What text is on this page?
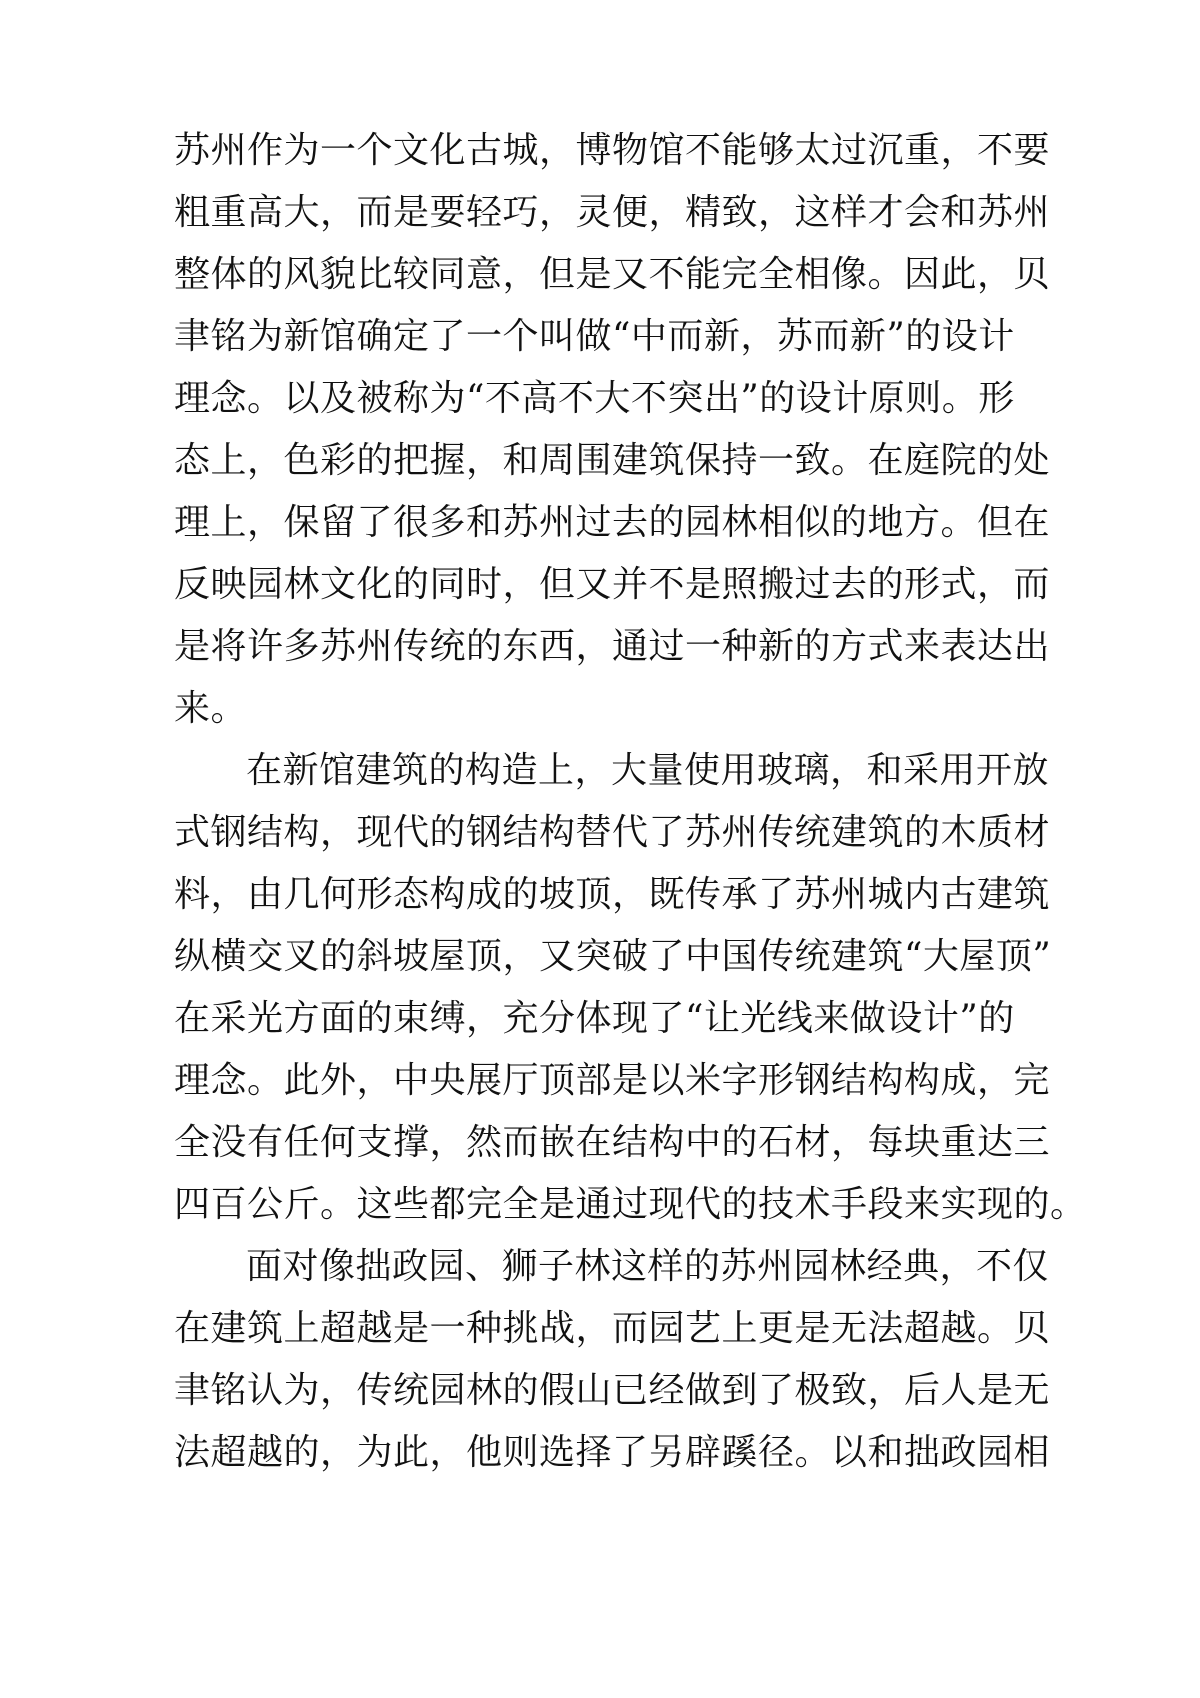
苏州作为一个文化古城，博物馆不能够太过沉重，不要
粗重高大，而是要轻巧，灵便，精致，这样才会和苏州
整体的风貌比较同意，但是又不能完全相像。因此，贝
聿铭为新馆确定了一个叫做“中而新，苏而新”的设计
理念。以及被称为“不高不大不突出”的设计原则。形
态上，色彩的把握，和周围建筑保持一致。在庭院的处
理上，保留了很多和苏州过去的园林相似的地方。但在
反映园林文化的同时，但又并不是照搬过去的形式，而
是将许多苏州传统的东西，通过一种新的方式来表达出
来。
在新馆建筑的构造上，大量使用玻璃，和采用开放
式钢结构，现代的钢结构替代了苏州传统建筑的木质材
料，由几何形态构成的坡顶，既传承了苏州城内古建筑
纵横交叉的斜坡屋顶，又突破了中国传统建筑“大屋顶”
在采光方面的束缚，充分体现了“让光线来做设计”的
理念。此外，中央展厅顶部是以米字形钢结构构成，完
全没有任何支撑，然而嵌在结构中的石材，每块重达三
四百公斤。这些都完全是通过现代的技术手段来实现的。
面对像拙政园、狮子林这样的苏州园林经典，不仅
在建筑上超越是一种挑战，而园艺上更是无法超越。贝
聿铭认为，传统园林的假山已经做到了极致，后人是无
法超越的，为此，他则选择了另辟蹊径。以和拙政园相
